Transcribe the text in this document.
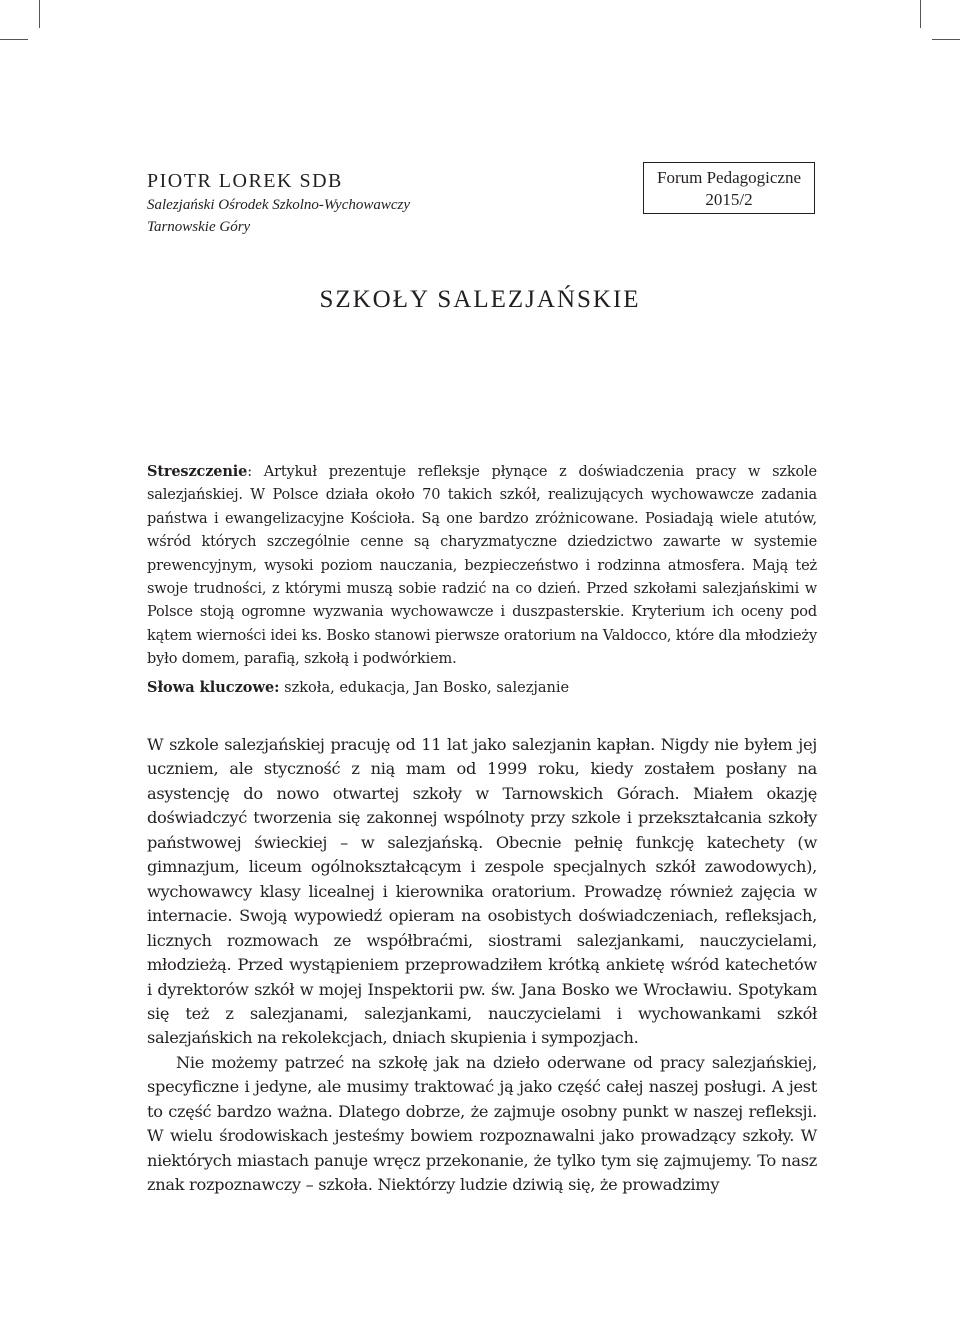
PIOTR LOREK SDB
Salezjański Ośrodek Szkolno-Wychowawczy
Tarnowskie Góry
Forum Pedagogiczne
2015/2
SZKOŁY SALEZJAŃSKIE
Streszczenie: Artykuł prezentuje refleksje płynące z doświadczenia pracy w szkole salezjańskiej. W Polsce działa około 70 takich szkół, realizujących wychowawcze zadania państwa i ewangelizacyjne Kościoła. Są one bardzo zróżnicowane. Posiadają wiele atutów, wśród których szczególnie cenne są charyzmatyczne dziedzictwo zawarte w systemie prewencyjnym, wysoki poziom nauczania, bezpieczeństwo i rodzinna atmosfera. Mają też swoje trudności, z którymi muszą sobie radzić na co dzień. Przed szkołami salezjańskimi w Polsce stoją ogromne wyzwania wychowawcze i duszpasterskie. Kryterium ich oceny pod kątem wierności idei ks. Bosko stanowi pierwsze oratorium na Valdocco, które dla młodzieży było domem, parafią, szkołą i podwórkiem.
Słowa kluczowe: szkoła, edukacja, Jan Bosko, salezjanie

W szkole salezjańskiej pracuję od 11 lat jako salezjanin kapłan. Nigdy nie byłem jej uczniem, ale styczność z nią mam od 1999 roku, kiedy zostałem posłany na asystencję do nowo otwartej szkoły w Tarnowskich Górach. Miałem okazję doświadczyć tworzenia się zakonnej wspólnoty przy szkole i przekształcania szkoły państwowej świeckiej – w salezjańską. Obecnie pełnię funkcję katechety (w gimnazjum, liceum ogólnokształcącym i zespole specjalnych szkół zawodowych), wychowawcy klasy licealnej i kierownika oratorium. Prowadzę również zajęcia w internacie. Swoją wypowiedź opieram na osobistych doświadczeniach, refleksjach, licznych rozmowach ze współbraćmi, siostrami salezjankami, nauczycielami, młodzieżą. Przed wystąpieniem przeprowadziłem krótką ankietę wśród katechetów i dyrektorów szkół w mojej Inspektorii pw. św. Jana Bosko we Wrocławiu. Spotykam się też z salezjanami, salezjankami, nauczycielami i wychowankami szkół salezjańskich na rekolekcjach, dniach skupienia i sympozjach.

Nie możemy patrzeć na szkołę jak na dzieło oderwane od pracy salezjańskiej, specyficzne i jedyne, ale musimy traktować ją jako część całej naszej posługi. A jest to część bardzo ważna. Dlatego dobrze, że zajmuje osobny punkt w naszej refleksji. W wielu środowiskach jesteśmy bowiem rozpoznawalni jako prowadzący szkoły. W niektórych miastach panuje wręcz przekonanie, że tylko tym się zajmujemy. To nasz znak rozpoznawczy – szkoła. Niektórzy ludzie dziwią się, że prowadzimy
